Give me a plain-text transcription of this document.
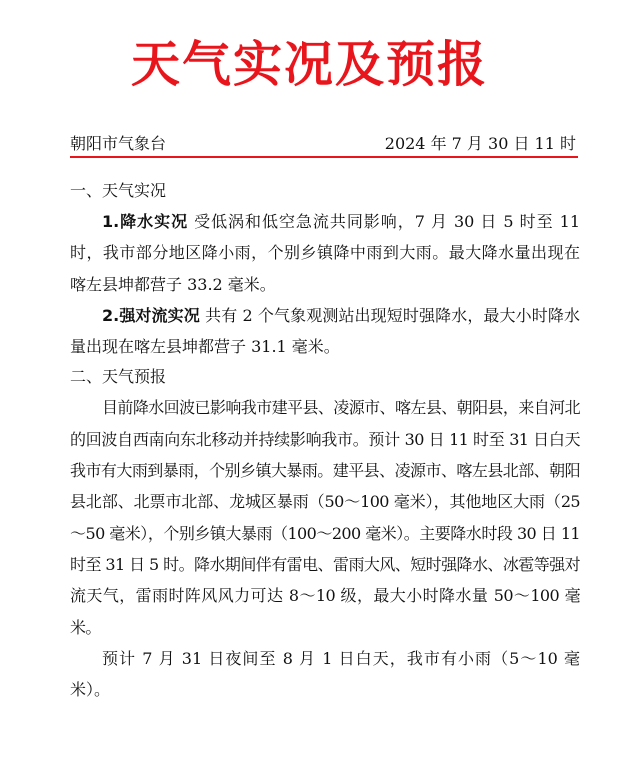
天气实况及预报
朝阳市气象台	2024 年 7 月 30 日 11 时
一、天气实况

1.降水实况 受低涡和低空急流共同影响，7 月 30 日 5 时至 11 时，我市部分地区降小雨，个别乡镇降中雨到大雨。最大降水量出现在喀左县坤都营子 33.2 毫米。

2.强对流实况 共有 2 个气象观测站出现短时强降水，最大小时降水量出现在喀左县坤都营子 31.1 毫米。

二、天气预报

目前降水回波已影响我市建平县、凌源市、喀左县、朝阳县，来自河北的回波自西南向东北移动并持续影响我市。预计 30 日 11 时至 31 日白天我市有大雨到暴雨，个别乡镇大暴雨。建平县、凌源市、喀左县北部、朝阳县北部、北票市北部、龙城区暴雨（50～100 毫米），其他地区大雨（25～50 毫米），个别乡镇大暴雨（100～200 毫米）。主要降水时段 30 日 11 时至 31 日 5 时。降水期间伴有雷电、雷雨大风、短时强降水、冰雹等强对流天气，雷雨时阵风风力可达 8～10 级，最大小时降水量 50～100 毫米。

预计 7 月 31 日夜间至 8 月 1 日白天，我市有小雨（5～10 毫米）。
